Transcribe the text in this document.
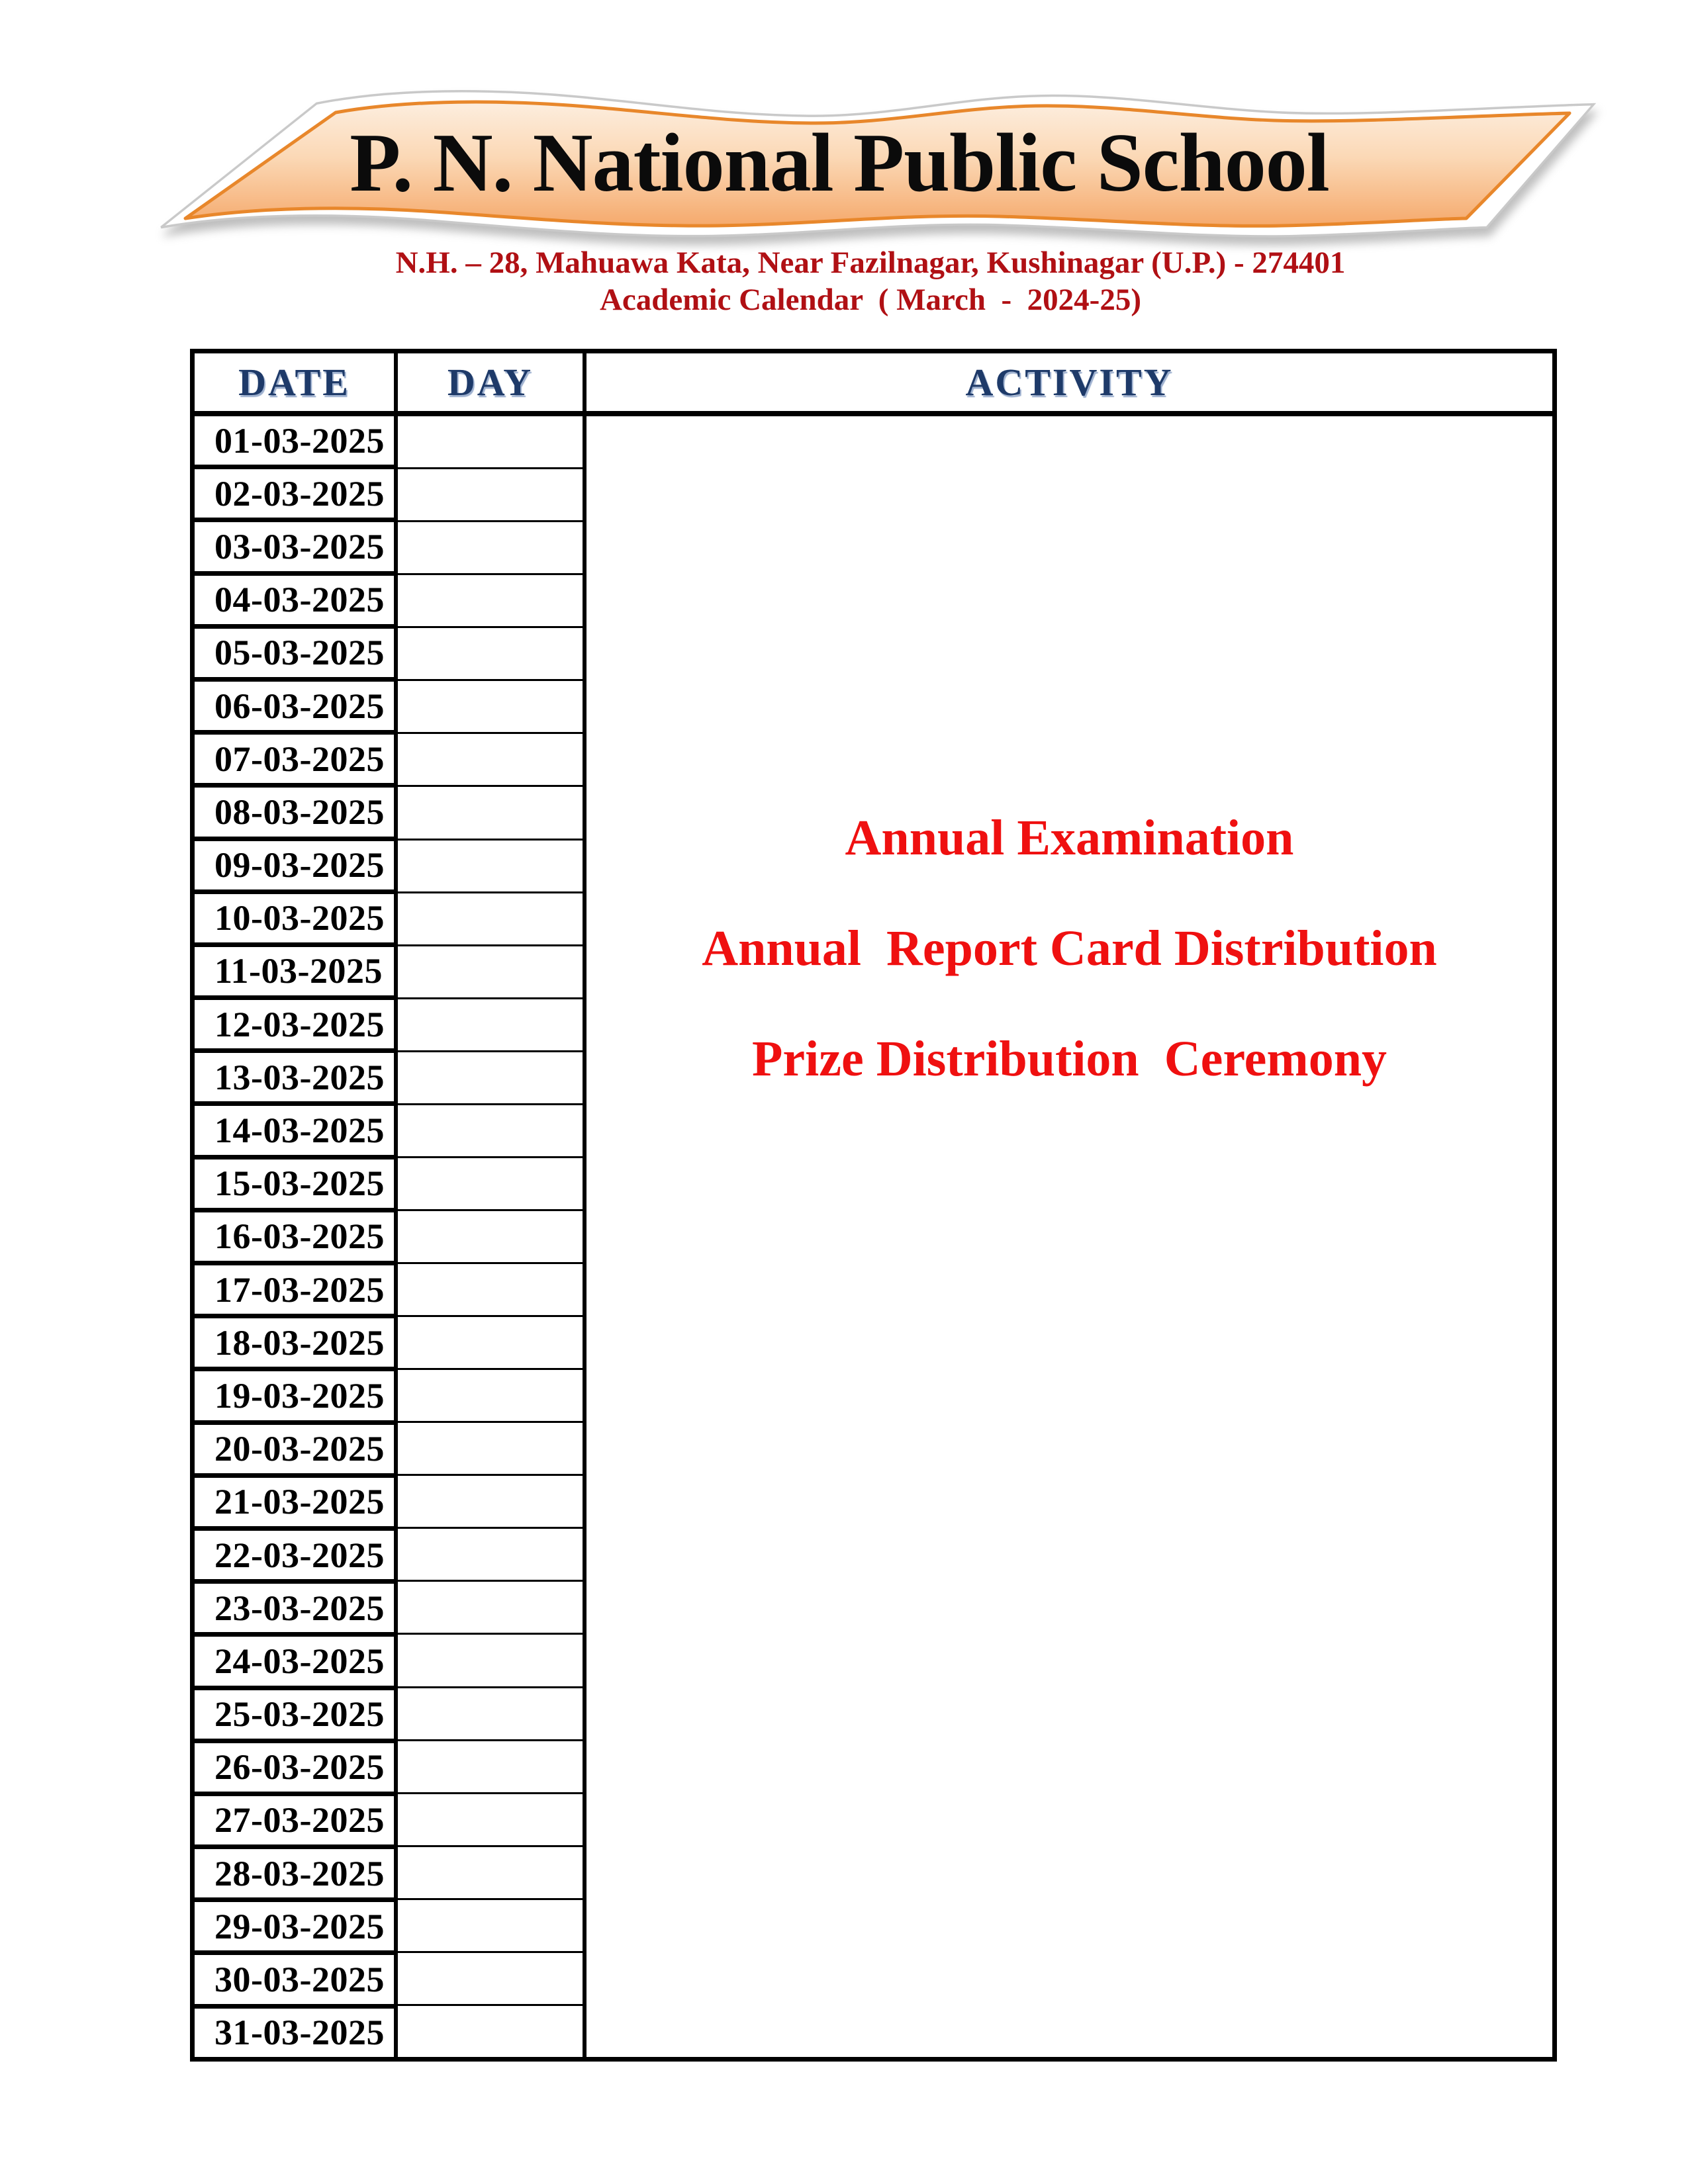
P. N. National Public School
N.H. – 28, Mahuawa Kata, Near Fazilnagar, Kushinagar (U.P.) - 274401
Academic Calendar  ( March  -  2024-25)
DATE	DAY	ACTIVITY
01-03-2025
02-03-2025
03-03-2025
04-03-2025
05-03-2025
06-03-2025
07-03-2025
08-03-2025
09-03-2025
10-03-2025
11-03-2025
12-03-2025
13-03-2025
14-03-2025
15-03-2025
16-03-2025
17-03-2025
18-03-2025
19-03-2025
20-03-2025
21-03-2025
22-03-2025
23-03-2025
24-03-2025
25-03-2025
26-03-2025
27-03-2025
28-03-2025
29-03-2025
30-03-2025
31-03-2025
Annual Examination
Annual  Report Card Distribution
Prize Distribution  Ceremony
